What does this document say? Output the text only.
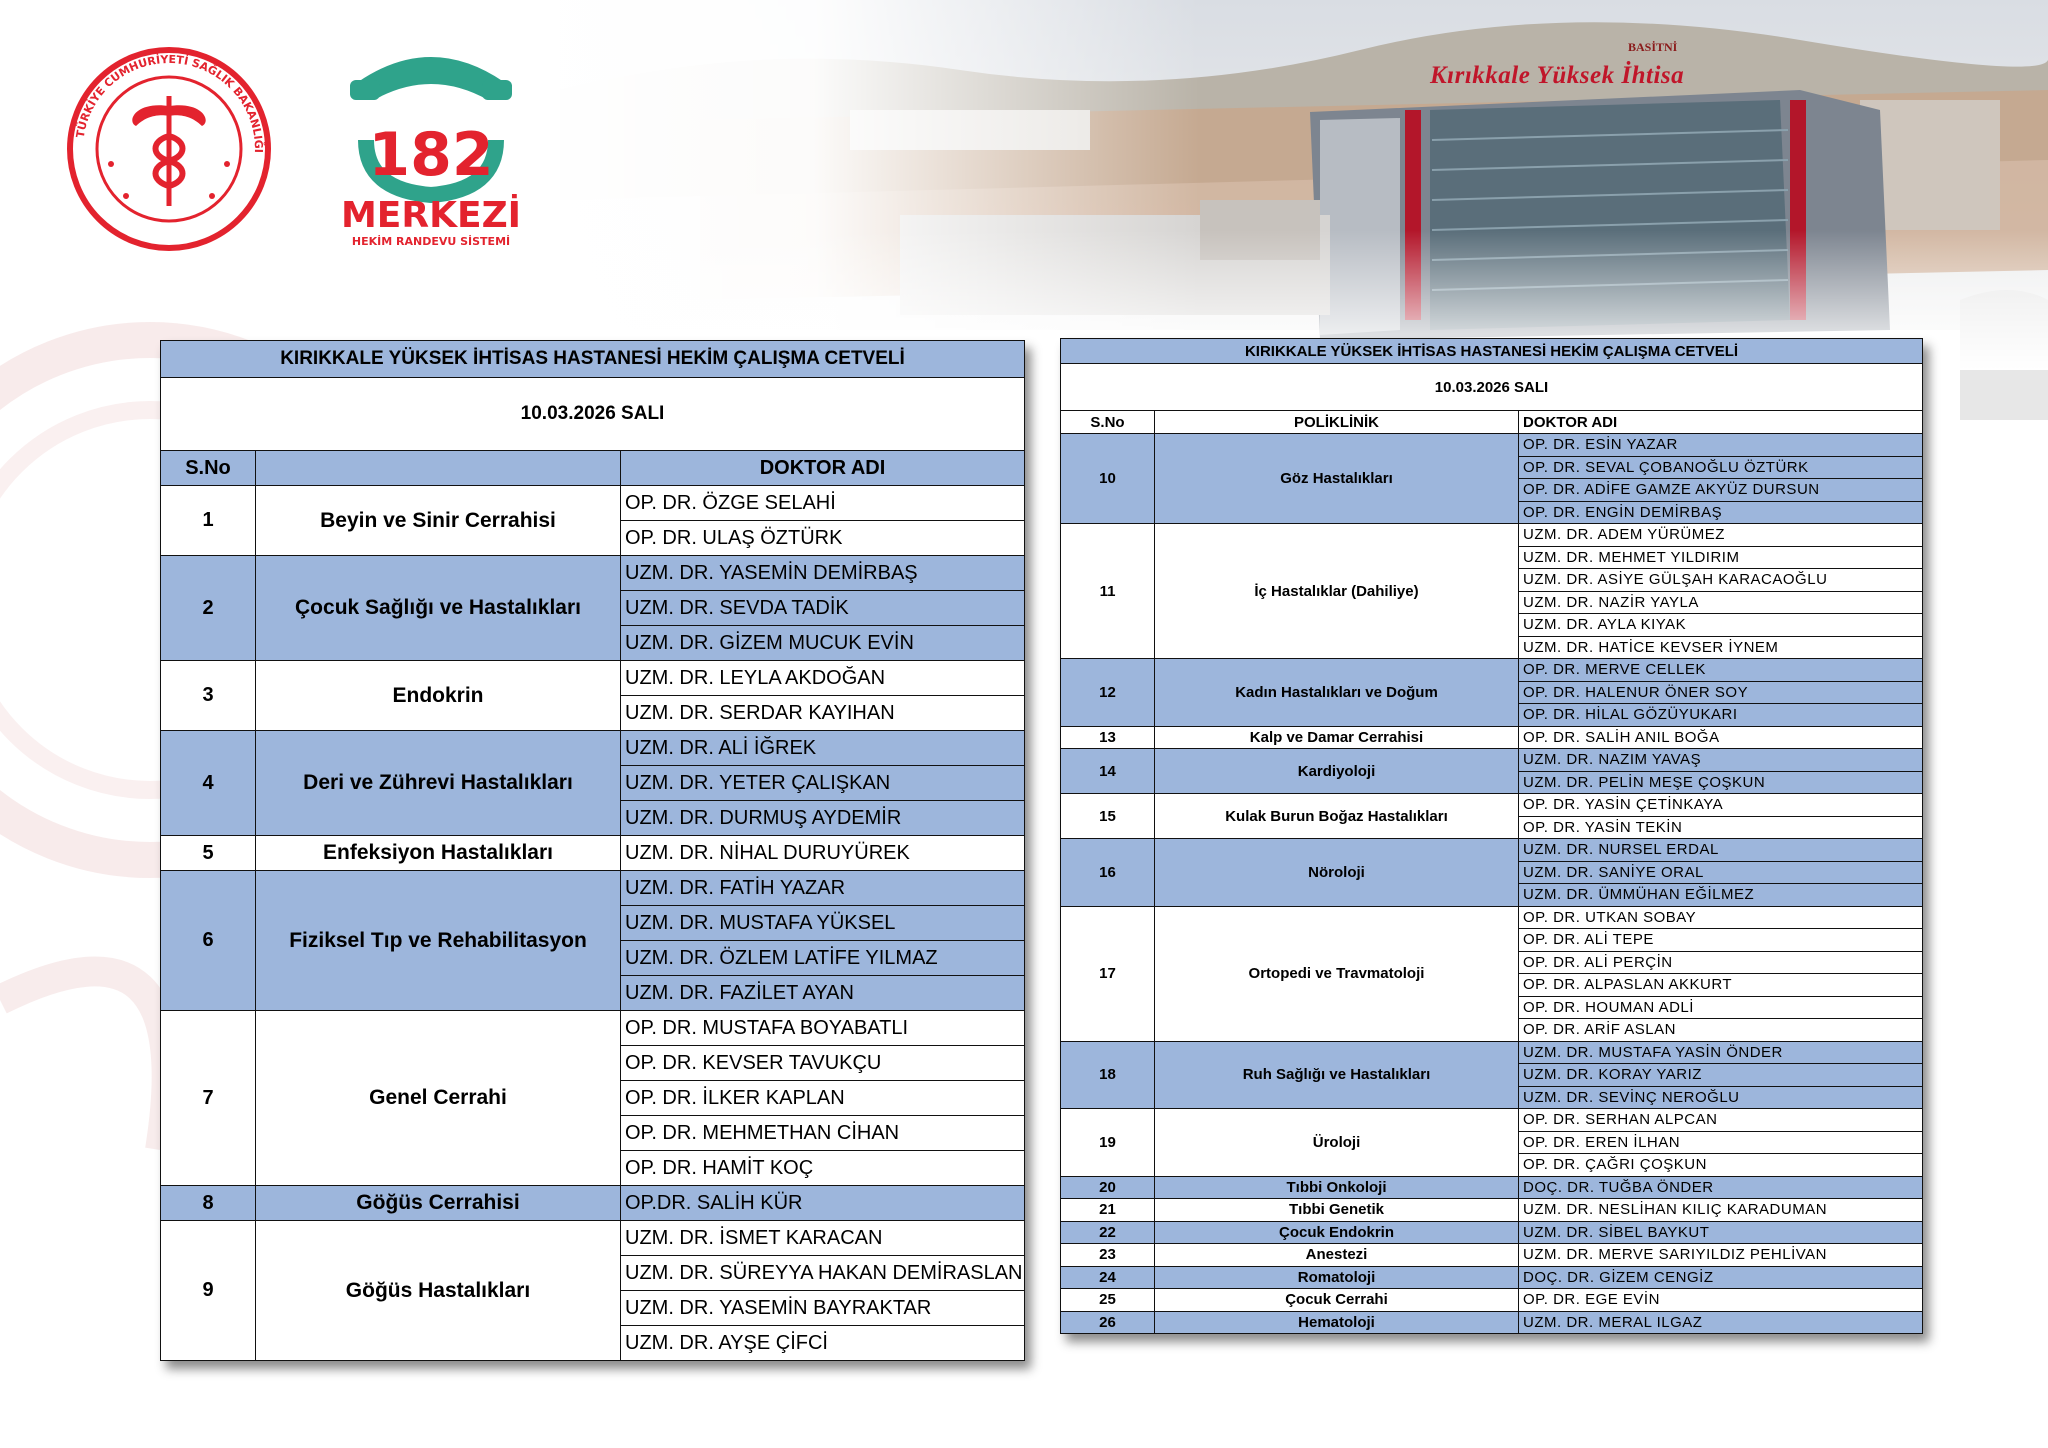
TÜRKİYE CUMHURİYETİ SAĞLIK BAKANLIĞI 182
MERKEZİ
HEKİM RANDEVU SİSTEMİ
BASİTNİ
Kırıkkale Yüksek İhtisa
KIRIKKALE YÜKSEK İHTİSAS HASTANESİ HEKİM ÇALIŞMA CETVELİ		
10.03.2026 SALI		
S.No		DOKTOR ADI
1	Beyin ve Sinir Cerrahisi	OP. DR. ÖZGE SELAHİ
		OP. DR. ULAŞ ÖZTÜRK
2	Çocuk Sağlığı ve Hastalıkları	UZM. DR. YASEMİN DEMİRBAŞ
		UZM. DR. SEVDA TADİK
		UZM. DR. GİZEM MUCUK EVİN
3	Endokrin	UZM. DR. LEYLA AKDOĞAN
		UZM. DR. SERDAR KAYIHAN
4	Deri ve Zührevi Hastalıkları	UZM. DR. ALİ İĞREK
		UZM. DR. YETER ÇALIŞKAN
		UZM. DR. DURMUŞ AYDEMİR
5	Enfeksiyon Hastalıkları	UZM. DR. NİHAL DURUYÜREK
6	Fiziksel Tıp ve Rehabilitasyon	UZM. DR. FATİH YAZAR
		UZM. DR. MUSTAFA YÜKSEL
		UZM. DR. ÖZLEM LATİFE YILMAZ
		UZM. DR. FAZİLET AYAN
7	Genel Cerrahi	OP. DR. MUSTAFA BOYABATLI
		OP. DR. KEVSER TAVUKÇU
		OP. DR. İLKER KAPLAN
		OP. DR. MEHMETHAN CİHAN
		OP. DR. HAMİT KOÇ
8	Göğüs Cerrahisi	OP.DR. SALİH KÜR
9	Göğüs Hastalıkları	UZM. DR. İSMET KARACAN
		UZM. DR. SÜREYYA HAKAN DEMİRASLAN
		UZM. DR. YASEMİN BAYRAKTAR
		UZM. DR. AYŞE ÇİFCİ
KIRIKKALE YÜKSEK İHTİSAS HASTANESİ HEKİM ÇALIŞMA CETVELİ		
10.03.2026 SALI		
S.No	POLİKLİNİK	DOKTOR ADI
10	Göz Hastalıkları	OP. DR. ESİN YAZAR
		OP. DR. SEVAL ÇOBANOĞLU ÖZTÜRK
		OP. DR. ADİFE GAMZE AKYÜZ DURSUN
		OP. DR. ENGİN DEMİRBAŞ
11	İç Hastalıklar (Dahiliye)	UZM. DR. ADEM YÜRÜMEZ
		UZM. DR. MEHMET YILDIRIM
		UZM. DR. ASİYE GÜLŞAH KARACAOĞLU
		UZM. DR. NAZİR YAYLA
		UZM. DR. AYLA KIYAK
		UZM. DR. HATİCE KEVSER İYNEM
12	Kadın Hastalıkları ve Doğum	OP. DR. MERVE CELLEK
		OP. DR. HALENUR ÖNER SOY
		OP. DR. HİLAL GÖZÜYUKARI
13	Kalp ve Damar Cerrahisi	OP. DR. SALİH ANIL BOĞA
14	Kardiyoloji	UZM. DR. NAZIM YAVAŞ
		UZM. DR. PELİN MEŞE ÇOŞKUN
15	Kulak Burun Boğaz Hastalıkları	OP. DR. YASİN ÇETİNKAYA
		OP. DR. YASİN TEKİN
16	Nöroloji	UZM. DR. NURSEL ERDAL
		UZM. DR. SANİYE ORAL
		UZM. DR. ÜMMÜHAN EĞİLMEZ
17	Ortopedi ve Travmatoloji	OP. DR. UTKAN SOBAY
		OP. DR. ALİ TEPE
		OP. DR. ALİ PERÇİN
		OP. DR. ALPASLAN AKKURT
		OP. DR. HOUMAN ADLİ
		OP. DR. ARİF ASLAN
18	Ruh Sağlığı ve Hastalıkları	UZM. DR. MUSTAFA YASİN ÖNDER
		UZM. DR. KORAY YARIZ
		UZM. DR. SEVİNÇ NEROĞLU
19	Üroloji	OP. DR. SERHAN ALPCAN
		OP. DR. EREN İLHAN
		OP. DR. ÇAĞRI ÇOŞKUN
20	Tıbbi Onkoloji	DOÇ. DR. TUĞBA ÖNDER
21	Tıbbi Genetik	UZM. DR. NESLİHAN KILIÇ KARADUMAN
22	Çocuk Endokrin	UZM. DR. SİBEL BAYKUT
23	Anestezi	UZM. DR. MERVE SARIYILDIZ PEHLİVAN
24	Romatoloji	DOÇ. DR. GİZEM CENGİZ
25	Çocuk Cerrahi	OP. DR. EGE EVİN
26	Hematoloji	UZM. DR. MERAL ILGAZ
